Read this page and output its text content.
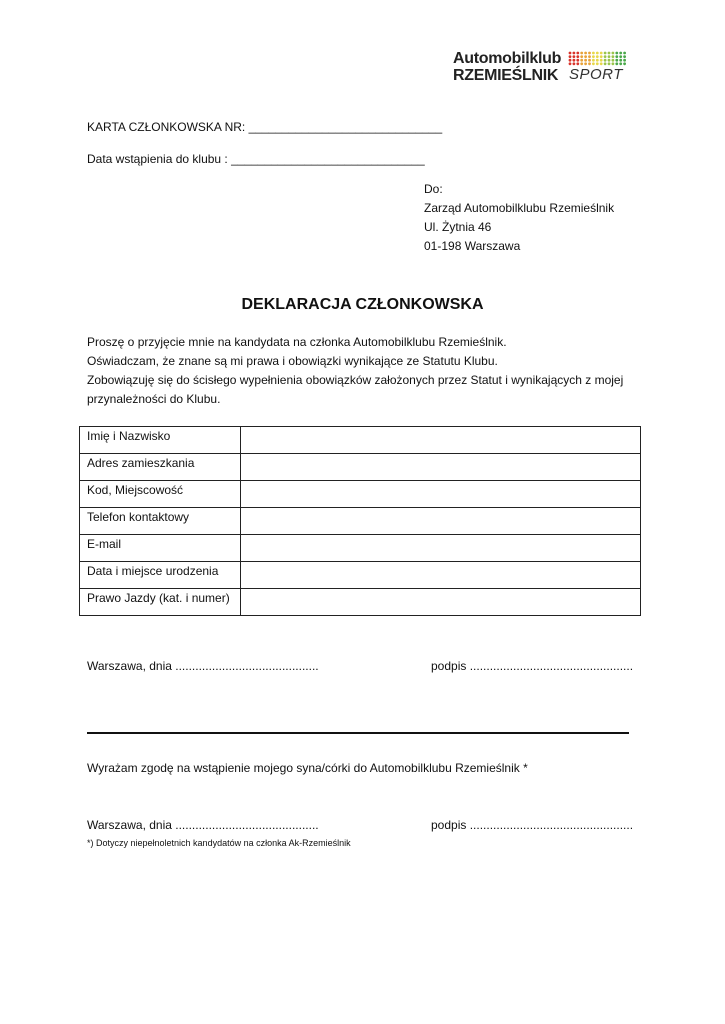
Automobilklub
RZEMIEŚLNIK SPORT
KARTA CZŁONKOWSKA NR: _____________________________
Data wstąpienia do klubu : _____________________________
Do:
Zarząd Automobilklubu Rzemieślnik
Ul. Żytnia 46
01-198 Warszawa
DEKLARACJA CZŁONKOWSKA
Proszę o przyjęcie mnie na kandydata na członka Automobilklubu Rzemieślnik.
Oświadczam, że znane są mi prawa i obowiązki wynikające ze Statutu Klubu.
Zobowiązuję się do ścisłego wypełnienia obowiązków założonych przez Statut i wynikających z mojej
przynależności do Klubu.
Imię i Nazwisko	
Adres zamieszkania	
Kod, Miejscowość	
Telefon kontaktowy	
E-mail	
Data i miejsce urodzenia	
Prawo Jazdy (kat. i numer)	
Warszawa, dnia ...........................................	podpis .................................................
Wyrażam zgodę na wstąpienie mojego syna/córki do Automobilklubu Rzemieślnik *
Warszawa, dnia ...........................................	podpis .................................................
*) Dotyczy niepełnoletnich kandydatów na członka Ak-Rzemieślnik
